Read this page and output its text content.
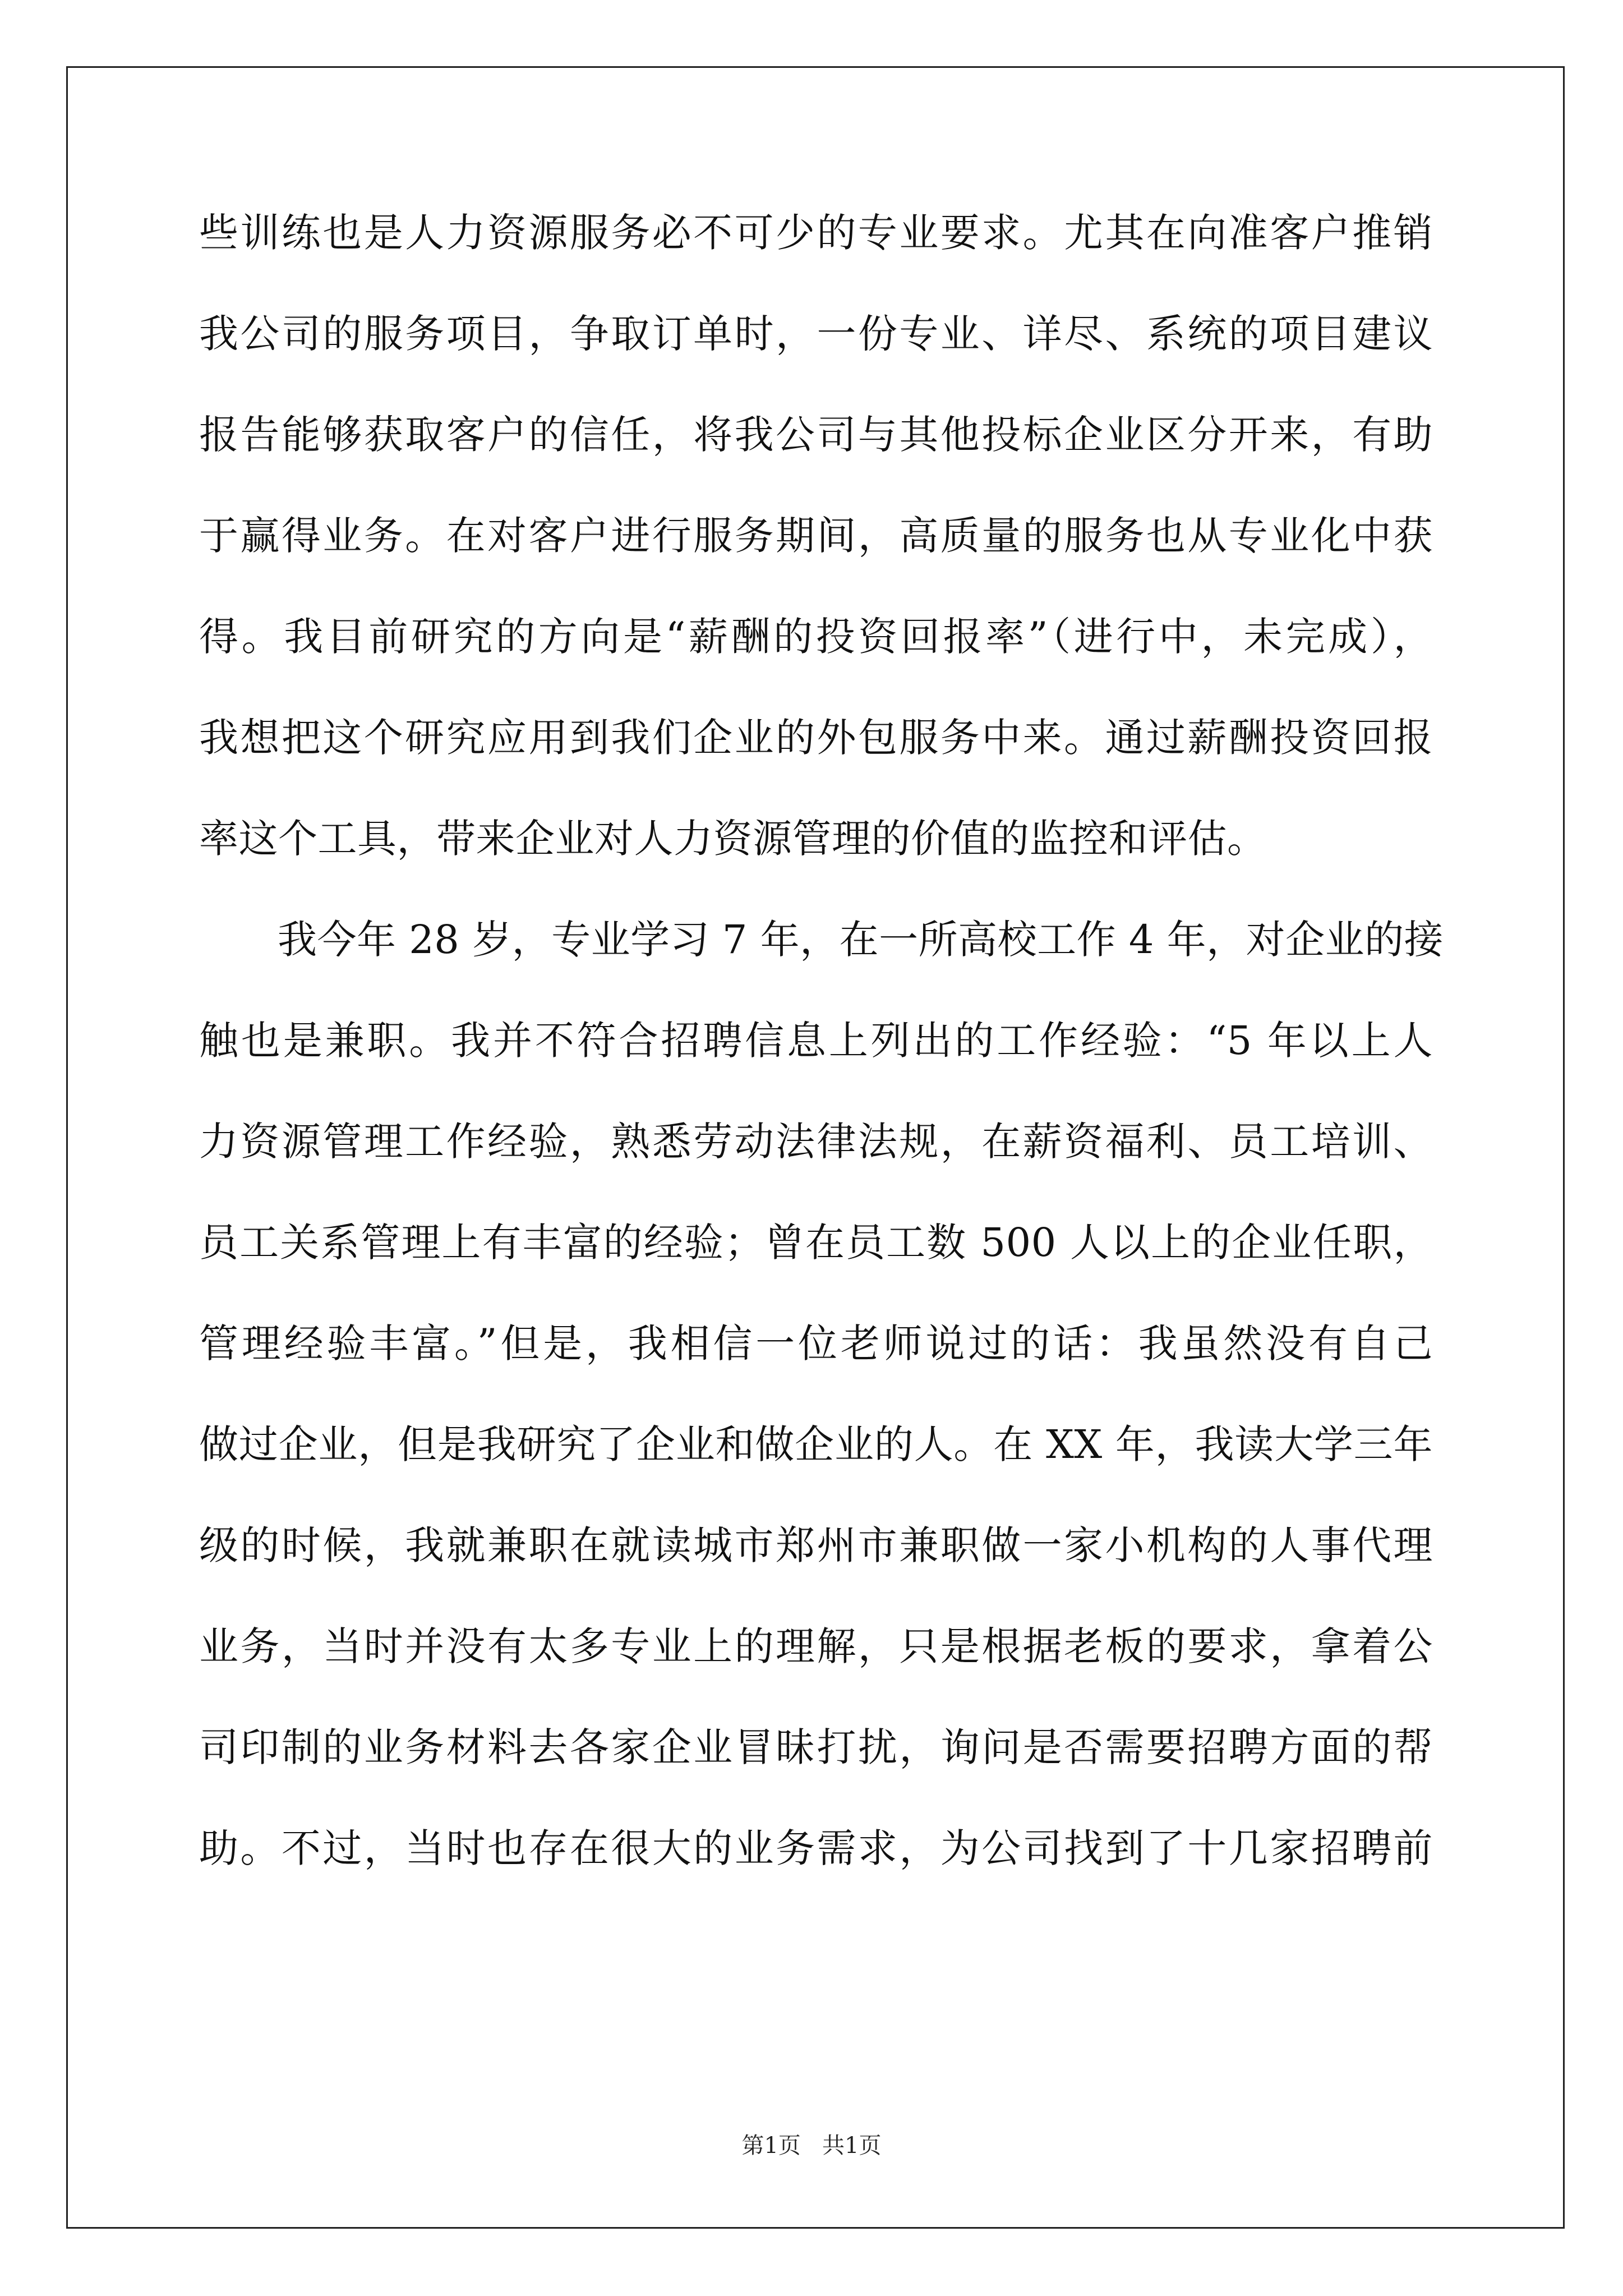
些训练也是人力资源服务必不可少的专业要求。尤其在向准客户推销
我公司的服务项目，争取订单时，一份专业、详尽、系统的项目建议
报告能够获取客户的信任，将我公司与其他投标企业区分开来，有助
于赢得业务。在对客户进行服务期间，高质量的服务也从专业化中获
得。我目前研究的方向是“薪酬的投资回报率”（进行中，未完成），
我想把这个研究应用到我们企业的外包服务中来。通过薪酬投资回报
率这个工具，带来企业对人力资源管理的价值的监控和评估。
我今年 28 岁，专业学习 7 年，在一所高校工作 4 年，对企业的接
触也是兼职。我并不符合招聘信息上列出的工作经验：“5 年以上人
力资源管理工作经验，熟悉劳动法律法规，在薪资福利、员工培训、
员工关系管理上有丰富的经验；曾在员工数 500 人以上的企业任职，
管理经验丰富。”但是，我相信一位老师说过的话：我虽然没有自己
做过企业，但是我研究了企业和做企业的人。在 XX 年，我读大学三年
级的时候，我就兼职在就读城市郑州市兼职做一家小机构的人事代理
业务，当时并没有太多专业上的理解，只是根据老板的要求，拿着公
司印制的业务材料去各家企业冒昧打扰，询问是否需要招聘方面的帮
助。不过，当时也存在很大的业务需求，为公司找到了十几家招聘前
第1页   共1页
